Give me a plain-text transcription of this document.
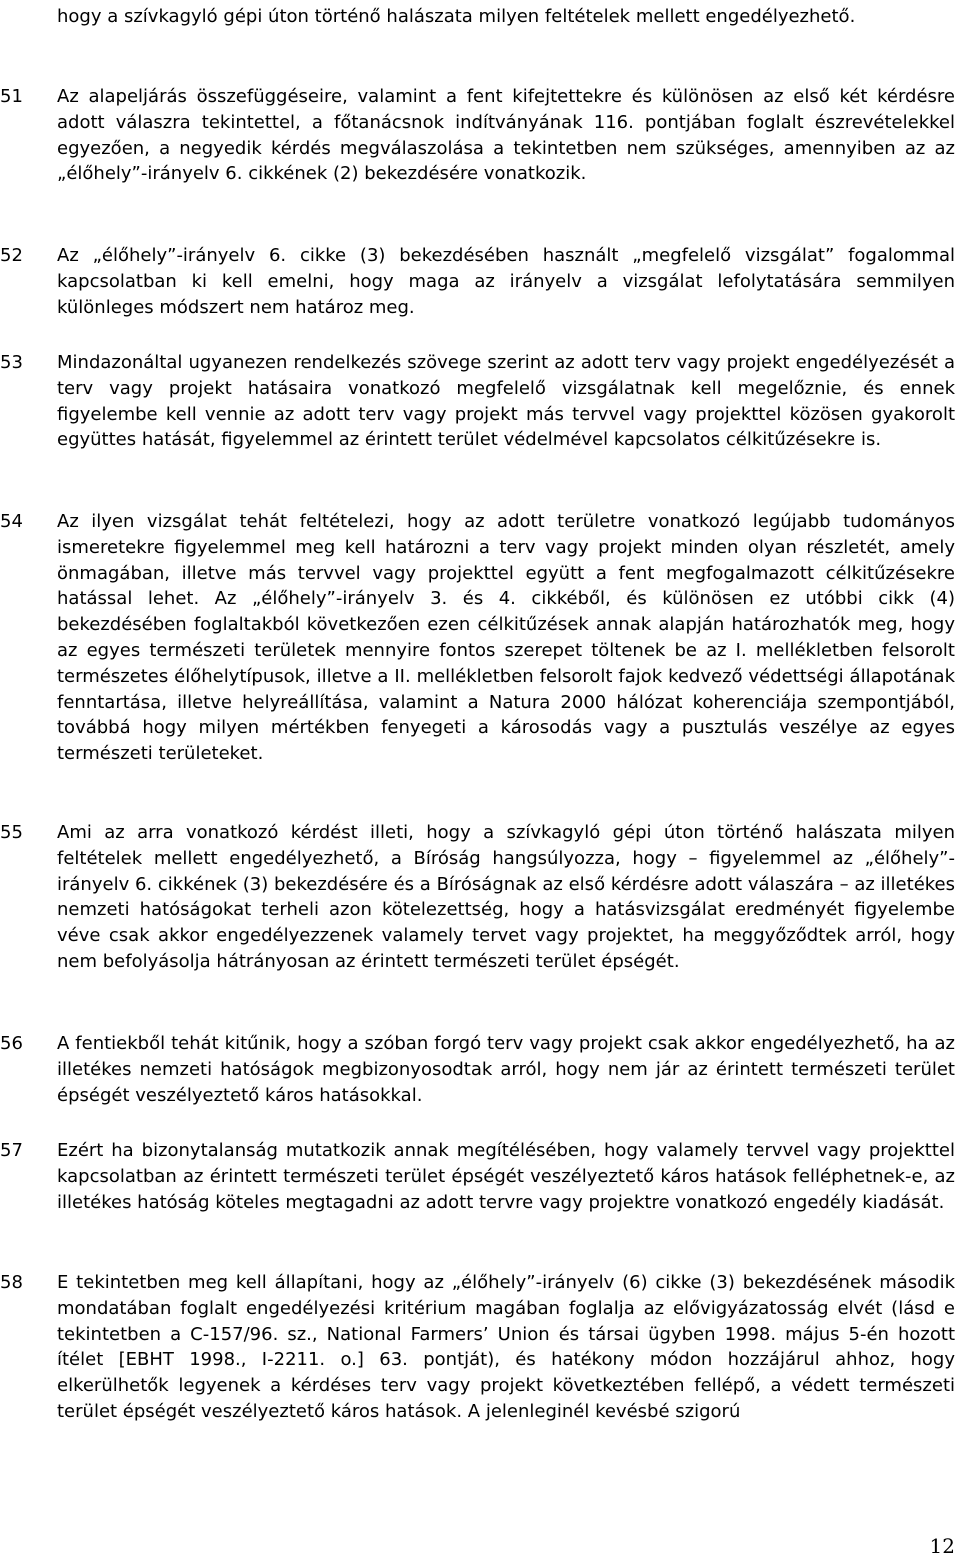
hogy a szívkagyló gépi úton történő halászata milyen feltételek mellett engedélyezhető.
51 Az alapeljárás összefüggéseire, valamint a fent kifejtettekre és különösen az első két kérdésre adott válaszra tekintettel, a főtanácsnok indítványának 116. pontjában foglalt észrevételekkel egyezően, a negyedik kérdés megválaszolása a tekintetben nem szükséges, amennyiben az az „élőhely”-irányelv 6. cikkének (2) bekezdésére vonatkozik.
52 Az „élőhely”-irányelv 6. cikke (3) bekezdésében használt „megfelelő vizsgálat” fogalommal kapcsolatban ki kell emelni, hogy maga az irányelv a vizsgálat lefolytatására semmilyen különleges módszert nem határoz meg.
53 Mindazonáltal ugyanezen rendelkezés szövege szerint az adott terv vagy projekt engedélyezését a terv vagy projekt hatásaira vonatkozó megfelelő vizsgálatnak kell megelőznie, és ennek figyelembe kell vennie az adott terv vagy projekt más tervvel vagy projekttel közösen gyakorolt együttes hatását, figyelemmel az érintett terület védelmével kapcsolatos célkitűzésekre is.
54 Az ilyen vizsgálat tehát feltételezi, hogy az adott területre vonatkozó legújabb tudományos ismeretekre figyelemmel meg kell határozni a terv vagy projekt minden olyan részletét, amely önmagában, illetve más tervvel vagy projekttel együtt a fent megfogalmazott célkitűzésekre hatással lehet. Az „élőhely”-irányelv 3. és 4. cikkéből, és különösen ez utóbbi cikk (4) bekezdésében foglaltakból következően ezen célkitűzések annak alapján határozhatók meg, hogy az egyes természeti területek mennyire fontos szerepet töltenek be az I. mellékletben felsorolt természetes élőhelytípusok, illetve a II. mellékletben felsorolt fajok kedvező védettségi állapotának fenntartása, illetve helyreállítása, valamint a Natura 2000 hálózat koherenciája szempontjából, továbbá hogy milyen mértékben fenyegeti a károsodás vagy a pusztulás veszélye az egyes természeti területeket.
55 Ami az arra vonatkozó kérdést illeti, hogy a szívkagyló gépi úton történő halászata milyen feltételek mellett engedélyezhető, a Bíróság hangsúlyozza, hogy – figyelemmel az „élőhely”-irányelv 6. cikkének (3) bekezdésére és a Bíróságnak az első kérdésre adott válaszára – az illetékes nemzeti hatóságokat terheli azon kötelezettség, hogy a hatásvizsgálat eredményét figyelembe véve csak akkor engedélyezzenek valamely tervet vagy projektet, ha meggyőződtek arról, hogy nem befolyásolja hátrányosan az érintett természeti terület épségét.
56 A fentiekből tehát kitűnik, hogy a szóban forgó terv vagy projekt csak akkor engedélyezhető, ha az illetékes nemzeti hatóságok megbizonyosodtak arról, hogy nem jár az érintett természeti terület épségét veszélyeztető káros hatásokkal.
57 Ezért ha bizonytalanság mutatkozik annak megítélésében, hogy valamely tervvel vagy projekttel kapcsolatban az érintett természeti terület épségét veszélyeztető káros hatások felléphetnek-e, az illetékes hatóság köteles megtagadni az adott tervre vagy projektre vonatkozó engedély kiadását.
58 E tekintetben meg kell állapítani, hogy az „élőhely”-irányelv (6) cikke (3) bekezdésének második mondatában foglalt engedélyezési kritérium magában foglalja az elővigyázatosság elvét (lásd e tekintetben a C-157/96. sz., National Farmers’ Union és társai ügyben 1998. május 5-én hozott ítélet [EBHT 1998., I-2211. o.] 63. pontját), és hatékony módon hozzájárul ahhoz, hogy elkerülhetők legyenek a kérdéses terv vagy projekt következtében fellépő, a védett természeti terület épségét veszélyeztető káros hatások. A jelenleginél kevésbé szigorú
12
